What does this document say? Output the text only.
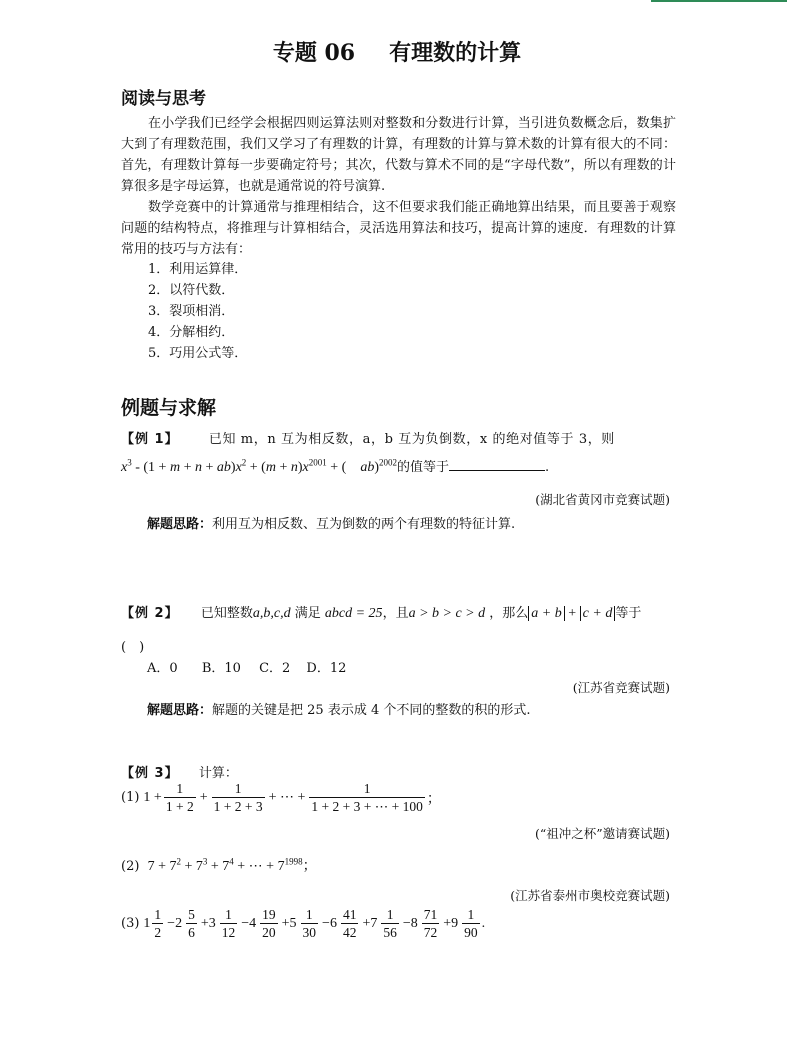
专题 06 有理数的计算
阅读与思考

在小学我们已经学会根据四则运算法则对整数和分数进行计算，当引进负数概念后，数集扩大到了有理数范围，我们又学习了有理数的计算，有理数的计算与算术数的计算有很大的不同：首先，有理数计算每一步要确定符号；其次，代数与算术不同的是“字母代数”，所以有理数的计算很多是字母运算，也就是通常说的符号演算.

数学竞赛中的计算通常与推理相结合，这不但要求我们能正确地算出结果，而且要善于观察问题的结构特点，将推理与计算相结合，灵活选用算法和技巧，提高计算的速度．有理数的计算常用的技巧与方法有：

1．利用运算律．
2．以符代数．
3．裂项相消．
4．分解相约．
5．巧用公式等．
例题与求解
【例 1】 已知 m，n 互为相反数，a，b 互为负倒数，x 的绝对值等于 3，则
$x^3 - (1 + m + n + ab)x^2 + (m + n)x^{2001}$ + (　ab)$^{2002}$的值等于	.
(湖北省黄冈市竞赛试题)
解题思路：利用互为相反数、互为倒数的两个有理数的特征计算.
【例 2】 已知整数a,b,c,d 满足 abcd = 25，且a > b > c > d ，那么 a + b + c + d 等于
(　)
A．0 B．10 C．2 D．12
(江苏省竞赛试题)
解题思路：解题的关键是把 25 表示成 4 个不同的整数的积的形式.
【例 3】 计算：
(1) $1 + \frac{1}{1 + 2} + \frac{1}{1 + 2 + 3}$ + ⋯ + $\frac{1}{1 + 2 + 3 + \cdots + 100}$ ；
(“祖冲之杯”邀请赛试题)
(2) $7 + 7^2 + 7^3 + 7^4$ + ⋯ + $7^{1998}$；
(江苏省泰州市奥校竞赛试题)
(3) $1 \frac{1}{2} -2 \frac{5}{6} +3 \frac{1}{12} -4 \frac{19}{20} +5 \frac{1}{30} -6 \frac{41}{42} +7 \frac{1}{56} -8 \frac{71}{72} +9 \frac{1}{90}$ .
